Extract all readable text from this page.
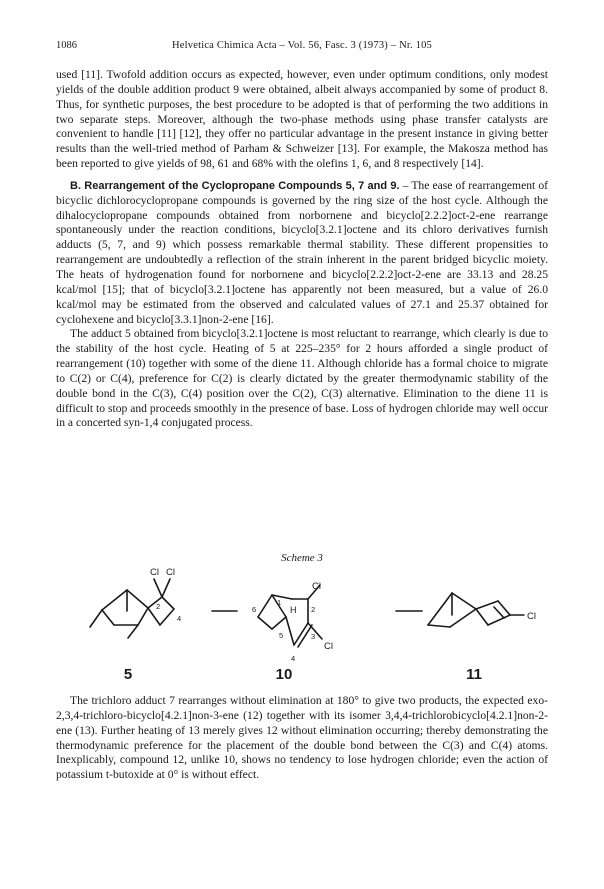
1086	Helvetica Chimica Acta – Vol. 56, Fasc. 3 (1973) – Nr. 105

used [11]. Twofold addition occurs as expected, however, even under optimum conditions, only modest yields of the double addition product 9 were obtained, albeit always accompanied by some of product 8. Thus, for synthetic purposes, the best procedure to be adopted is that of performing the two additions in two separate steps. Moreover, although the two-phase methods using phase transfer catalysts are convenient to handle [11] [12], they offer no particular advantage in the present instance in giving better results than the well-tried method of Parham & Schweizer [13]. For example, the Makosza method has been reported to give yields of 98, 61 and 68% with the olefins 1, 6, and 8 respectively [14].

B. Rearrangement of the Cyclopropane Compounds 5, 7 and 9. – The ease of rearrangement of bicyclic dichlorocyclopropane compounds is governed by the ring size of the host cycle. Although the dihalocyclopropane compounds obtained from norbornene and bicyclo[2.2.2]oct-2-ene rearrange spontaneously under the reaction conditions, bicyclo[3.2.1]octene and its chloro derivatives furnish adducts (5, 7, and 9) which possess remarkable thermal stability. These different propensities to rearrangement are undoubtedly a reflection of the strain inherent in the parent bridged bicyclic moiety. The heats of hydrogenation found for norbornene and bicyclo[2.2.2]oct-2-ene are 33.13 and 28.25 kcal/mol [15]; that of bicyclo[3.2.1]octene has apparently not been measured, but a value of 26.0 kcal/mol may be estimated from the observed and calculated values of 27.1 and 25.37 obtained for cyclohexene and bicyclo[3.3.1]non-2-ene [16].

The adduct 5 obtained from bicyclo[3.2.1]octene is most reluctant to rearrange, which clearly is due to the stability of the host cycle. Heating of 5 at 225–235° for 2 hours afforded a single product of rearrangement (10) together with some of the diene 11. Although chloride has a formal choice to migrate to C(2) or C(4), preference for C(2) is clearly dictated by the greater thermodynamic stability of the double bond in the C(3), C(4) position over the C(2), C(3) alternative. Elimination to the diene 11 is difficult to stop and proceeds smoothly in the presence of base. Loss of hydrogen chloride may well occur in a concerted syn-1,4 conjugated process.

Scheme 3
Cl Cl
2
4
6
1
H
Cl
2
5	3
Cl
4
Cl
5	10	11

The trichloro adduct 7 rearranges without elimination at 180° to give two products, the expected exo-2,3,4-trichloro-bicyclo[4.2.1]non-3-ene (12) together with its isomer 3,4,4-trichlorobicyclo[4.2.1]non-2-ene (13). Further heating of 13 merely gives 12 without elimination occurring; thereby demonstrating the thermodynamic preference for the placement of the double bond between the C(3) and C(4) atoms. Inexplicably, compound 12, unlike 10, shows no tendency to lose hydrogen chloride; even the action of potassium t-butoxide at 0° is without effect.
